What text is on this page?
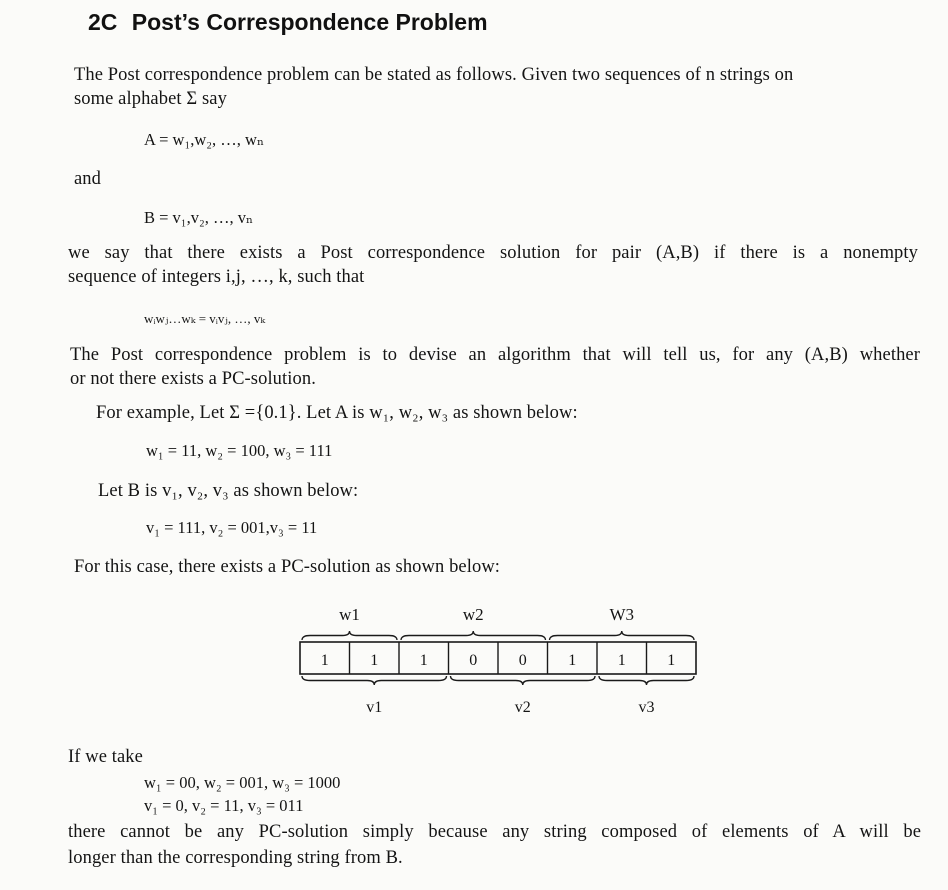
2C Post’s Correspondence Problem
The Post correspondence problem can be stated as follows. Given two sequences of n strings on
some alphabet Σ say
A = w₁,w₂, …, wₙ
and
B = v₁,v₂, …, vₙ
we say that there exists a Post correspondence solution for pair (A,B) if there is a nonempty
sequence of integers i,j, …, k, such that
wᵢwⱼ…wₖ = vᵢvⱼ, …, vₖ
The Post correspondence problem is to devise an algorithm that will tell us, for any (A,B) whether
or not there exists a PC-solution.
For example, Let Σ ={0.1}. Let A is w₁, w₂, w₃ as shown below:
w₁ = 11, w₂ = 100, w₃ = 111
Let B is v₁, v₂, v₃ as shown below:
v₁ = 111, v₂ = 001,v₃ = 11
For this case, there exists a PC-solution as shown below:
1	1	1	0	0	1	1	1
w1	w2	W3
v1	v2	v3
If we take
w₁ = 00, w₂ = 001, w₃ = 1000
v₁ = 0, v₂ = 11, v₃ = 011
there cannot be any PC-solution simply because any string composed of elements of A will be
longer than the corresponding string from B.
